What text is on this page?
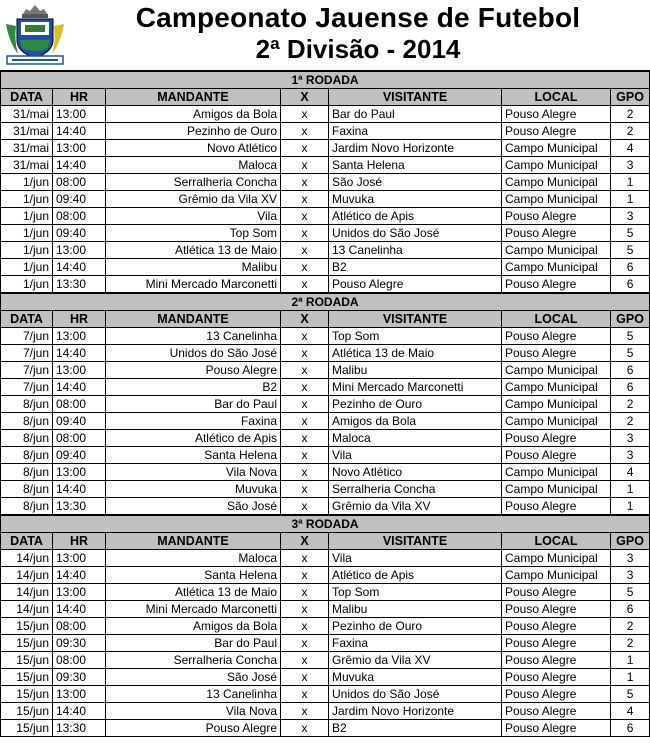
Campeonato Jauense de Futebol
2ª Divisão - 2014
1ª RODADA						
DATA	HR	MANDANTE	X	VISITANTE	LOCAL	GPO
31/mai	13:00	Amigos da Bola	x	Bar do Paul	Pouso Alegre	2
31/mai	14:40	Pezinho de Ouro	x	Faxina	Pouso Alegre	2
31/mai	13:00	Novo Atlético	x	Jardim Novo Horizonte	Campo Municipal	4
31/mai	14:40	Maloca	x	Santa Helena	Campo Municipal	3
1/jun	08:00	Serralheria Concha	x	São José	Campo Municipal	1
1/jun	09:40	Grêmio da Vila XV	x	Muvuka	Campo Municipal	1
1/jun	08:00	Vila	x	Atlético de Apis	Pouso Alegre	3
1/jun	09:40	Top Som	x	Unidos do São José	Pouso Alegre	5
1/jun	13:00	Atlética 13 de Maio	x	13 Canelinha	Campo Municipal	5
1/jun	14:40	Malibu	x	B2	Campo Municipal	6
1/jun	13:30	Mini Mercado Marconetti	x	Pouso Alegre	Pouso Alegre	6
2ª RODADA						
DATA	HR	MANDANTE	X	VISITANTE	LOCAL	GPO
7/jun	13:00	13 Canelinha	x	Top Som	Pouso Alegre	5
7/jun	14:40	Unidos do São José	x	Atlética 13 de Maio	Pouso Alegre	5
7/jun	13:00	Pouso Alegre	x	Malibu	Campo Municipal	6
7/jun	14:40	B2	x	Mini Mercado Marconetti	Campo Municipal	6
8/jun	08:00	Bar do Paul	x	Pezinho de Ouro	Campo Municipal	2
8/jun	09:40	Faxina	x	Amigos da Bola	Campo Municipal	2
8/jun	08:00	Atlético de Apis	x	Maloca	Pouso Alegre	3
8/jun	09:40	Santa Helena	x	Vila	Pouso Alegre	3
8/jun	13:00	Vila Nova	x	Novo Atlético	Campo Municipal	4
8/jun	14:40	Muvuka	x	Serralheria Concha	Campo Municipal	1
8/jun	13:30	São José	x	Grêmio da Vila XV	Pouso Alegre	1
3ª RODADA						
DATA	HR	MANDANTE	X	VISITANTE	LOCAL	GPO
14/jun	13:00	Maloca	x	Vila	Campo Municipal	3
14/jun	14:40	Santa Helena	x	Atlético de Apis	Campo Municipal	3
14/jun	13:00	Atlética 13 de Maio	x	Top Som	Pouso Alegre	5
14/jun	14:40	Mini Mercado Marconetti	x	Malibu	Pouso Alegre	6
15/jun	08:00	Amigos da Bola	x	Pezinho de Ouro	Pouso Alegre	2
15/jun	09:30	Bar do Paul	x	Faxina	Pouso Alegre	2
15/jun	08:00	Serralheria Concha	x	Grêmio da Vila XV	Pouso Alegre	1
15/jun	09:30	São José	x	Muvuka	Pouso Alegre	1
15/jun	13:00	13 Canelinha	x	Unidos do São José	Pouso Alegre	5
15/jun	14:40	Vila Nova	x	Jardim Novo Horizonte	Pouso Alegre	4
15/jun	13:30	Pouso Alegre	x	B2	Pouso Alegre	6
